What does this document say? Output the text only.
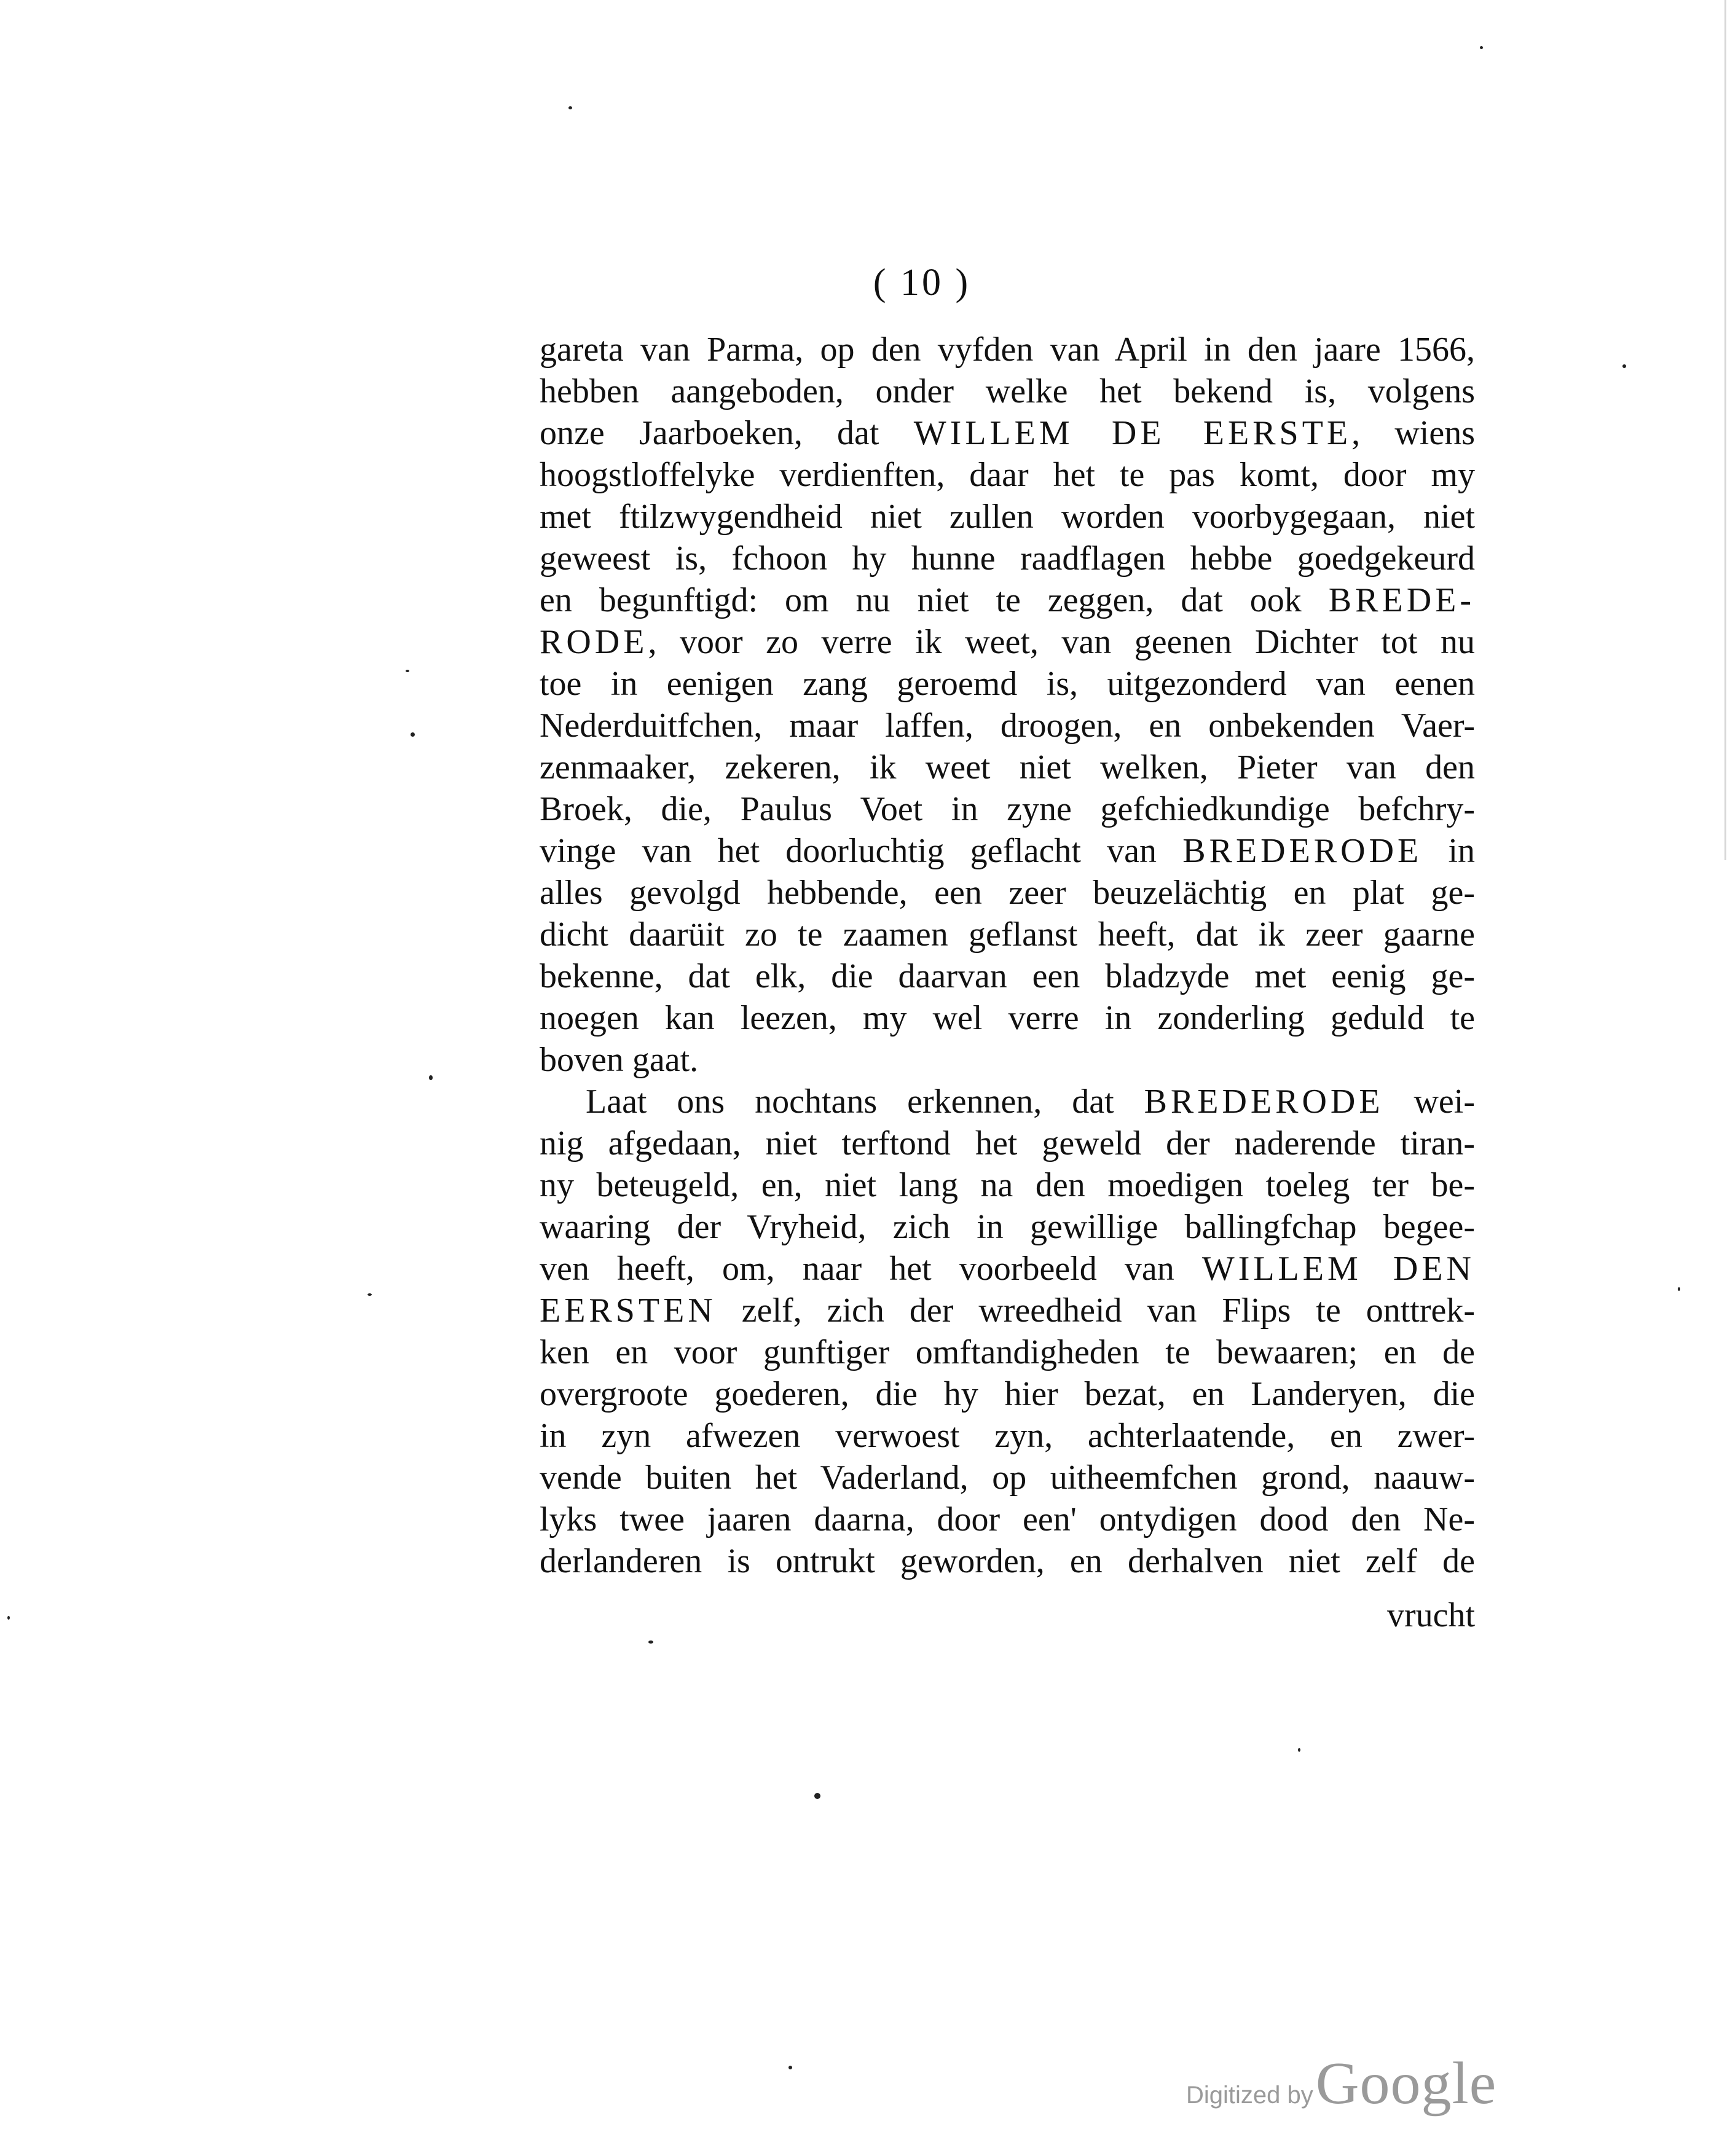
( 10 )
gareta van Parma, op den vyfden van April in den jaare 1566,
hebben aangeboden, onder welke het bekend is, volgens
onze Jaarboeken, dat WILLEM DE EERSTE, wiens
hoogstloffelyke verdienften, daar het te pas komt, door my
met ftilzwygendheid niet zullen worden voorbygegaan, niet
geweest is, fchoon hy hunne raadflagen hebbe goedgekeurd
en begunftigd: om nu niet te zeggen, dat ook BREDE-
RODE, voor zo verre ik weet, van geenen Dichter tot nu
toe in eenigen zang geroemd is, uitgezonderd van eenen
Nederduitfchen, maar laffen, droogen, en onbekenden Vaer-
zenmaaker, zekeren, ik weet niet welken, Pieter van den
Broek, die, Paulus Voet in zyne gefchiedkundige befchry-
vinge van het doorluchtig geflacht van BREDERODE in
alles gevolgd hebbende, een zeer beuzelächtig en plat ge-
dicht daarüit zo te zaamen geflanst heeft, dat ik zeer gaarne
bekenne, dat elk, die daarvan een bladzyde met eenig ge-
noegen kan leezen, my wel verre in zonderling geduld te
boven gaat.
Laat ons nochtans erkennen, dat BREDERODE wei-
nig afgedaan, niet terftond het geweld der naderende tiran-
ny beteugeld, en, niet lang na den moedigen toeleg ter be-
waaring der Vryheid, zich in gewillige ballingfchap begee-
ven heeft, om, naar het voorbeeld van WILLEM DEN
EERSTEN zelf, zich der wreedheid van Flips te onttrek-
ken en voor gunftiger omftandigheden te bewaaren; en de
overgroote goederen, die hy hier bezat, en Landeryen, die
in zyn afwezen verwoest zyn, achterlaatende, en zwer-
vende buiten het Vaderland, op uitheemfchen grond, naauw-
lyks twee jaaren daarna, door een' ontydigen dood den Ne-
derlanderen is ontrukt geworden, en derhalven niet zelf de
vrucht
Digitized by Google
